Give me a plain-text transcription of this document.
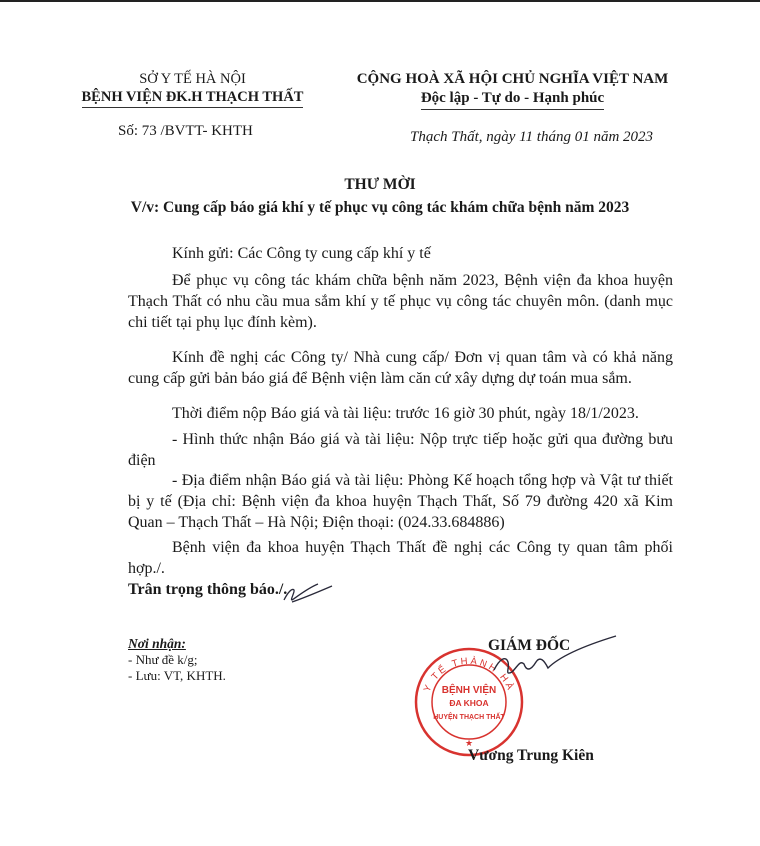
SỞ Y TẾ HÀ NỘI
BỆNH VIỆN ĐK.H THẠCH THẤT
Số: 73 /BVTT- KHTH
CỘNG HOÀ XÃ HỘI CHỦ NGHĨA VIỆT NAM
Độc lập - Tự do - Hạnh phúc
Thạch Thất, ngày 11 tháng 01 năm 2023
THƯ MỜI
V/v: Cung cấp báo giá khí y tế phục vụ công tác khám chữa bệnh năm 2023
Kính gửi: Các Công ty cung cấp khí y tế
Để phục vụ công tác khám chữa bệnh năm 2023, Bệnh viện đa khoa huyện Thạch Thất có nhu cầu mua sắm khí y tế phục vụ công tác chuyên môn. (danh mục chi tiết tại phụ lục đính kèm).
Kính đề nghị các Công ty/ Nhà cung cấp/ Đơn vị quan tâm và có khả năng cung cấp gửi bản báo giá để Bệnh viện làm căn cứ xây dựng dự toán mua sắm.
Thời điểm nộp Báo giá và tài liệu: trước 16 giờ 30 phút, ngày 18/1/2023.
- Hình thức nhận Báo giá và tài liệu: Nộp trực tiếp hoặc gửi qua đường bưu điện
- Địa điểm nhận Báo giá và tài liệu: Phòng Kế hoạch tổng hợp và Vật tư thiết bị y tế (Địa chỉ: Bệnh viện đa khoa huyện Thạch Thất, Số 79 đường 420 xã Kim Quan – Thạch Thất – Hà Nội; Điện thoại: (024.33.684886)
Bệnh viện đa khoa huyện Thạch Thất đề nghị các Công ty quan tâm phối hợp./.
Trân trọng thông báo./.
Nơi nhận:
- Như đề k/g;
- Lưu: VT, KHTH.
GIÁM ĐỐC
Y TẾ THÀNH HÀ
BỆNH VIỆN
ĐA KHOA
HUYỆN THẠCH THẤT
★
Vương Trung Kiên
